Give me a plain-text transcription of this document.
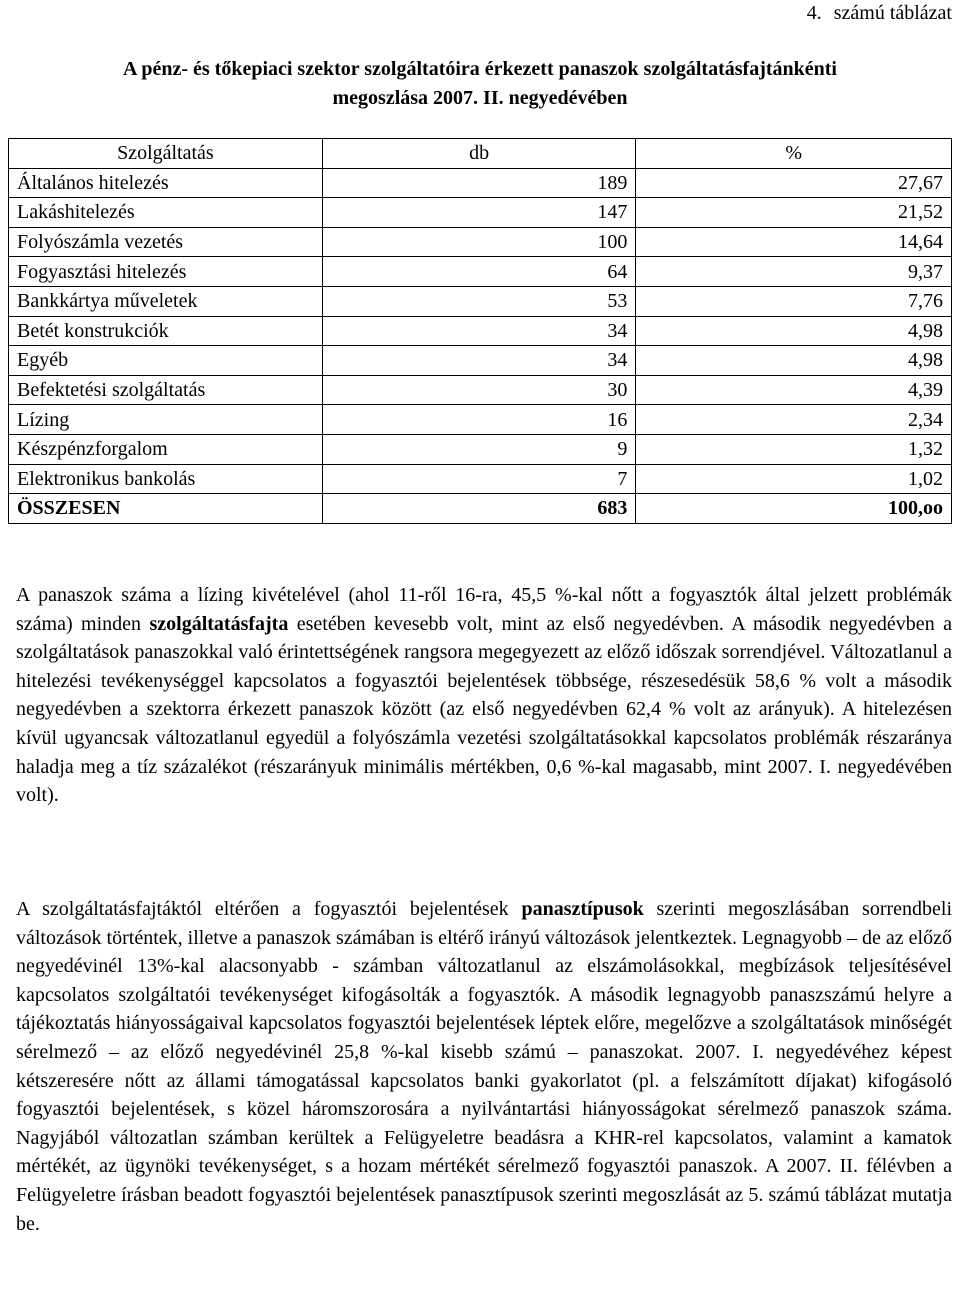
4. számú táblázat
A pénz- és tőkepiaci szektor szolgáltatóira érkezett panaszok szolgáltatásfajtánkénti
megoszlása 2007. II. negyedévében
Szolgáltatás	db	%
Általános hitelezés	189	27,67
Lakáshitelezés	147	21,52
Folyószámla vezetés	100	14,64
Fogyasztási hitelezés	64	9,37
Bankkártya műveletek	53	7,76
Betét konstrukciók	34	4,98
Egyéb	34	4,98
Befektetési szolgáltatás	30	4,39
Lízing	16	2,34
Készpénzforgalom	9	1,32
Elektronikus bankolás	7	1,02
ÖSSZESEN	683	100,oo

A panaszok száma a lízing kivételével (ahol 11-ről 16-ra, 45,5 %-kal nőtt a fogyasztók által jelzett problémák száma) minden szolgáltatásfajta esetében kevesebb volt, mint az első negyedévben. A második negyedévben a szolgáltatások panaszokkal való érintettségének rangsora megegyezett az előző időszak sorrendjével. Változatlanul a hitelezési tevékenységgel kapcsolatos a fogyasztói bejelentések többsége, részesedésük 58,6 % volt a második negyedévben a szektorra érkezett panaszok között (az első negyedévben 62,4 % volt az arányuk). A hitelezésen kívül ugyancsak változatlanul egyedül a folyószámla vezetési szolgáltatásokkal kapcsolatos problémák részaránya haladja meg a tíz százalékot (részarányuk minimális mértékben, 0,6 %-kal magasabb, mint 2007. I. negyedévében volt).

A szolgáltatásfajtáktól eltérően a fogyasztói bejelentések panasztípusok szerinti megoszlásában sorrendbeli változások történtek, illetve a panaszok számában is eltérő irányú változások jelentkeztek. Legnagyobb – de az előző negyedévinél 13%-kal alacsonyabb - számban változatlanul az elszámolásokkal, megbízások teljesítésével kapcsolatos szolgáltatói tevékenységet kifogásolták a fogyasztók. A második legnagyobb panaszszámú helyre a tájékoztatás hiányosságaival kapcsolatos fogyasztói bejelentések léptek előre, megelőzve a szolgáltatások minőségét sérelmező – az előző negyedévinél 25,8 %-kal kisebb számú – panaszokat. 2007. I. negyedévéhez képest kétszeresére nőtt az állami támogatással kapcsolatos banki gyakorlatot (pl. a felszámított díjakat) kifogásoló fogyasztói bejelentések, s közel háromszorosára a nyilvántartási hiányosságokat sérelmező panaszok száma. Nagyjából változatlan számban kerültek a Felügyeletre beadásra a KHR-rel kapcsolatos, valamint a kamatok mértékét, az ügynöki tevékenységet, s a hozam mértékét sérelmező fogyasztói panaszok. A 2007. II. félévben a Felügyeletre írásban beadott fogyasztói bejelentések panasztípusok szerinti megoszlását az 5. számú táblázat mutatja be.
